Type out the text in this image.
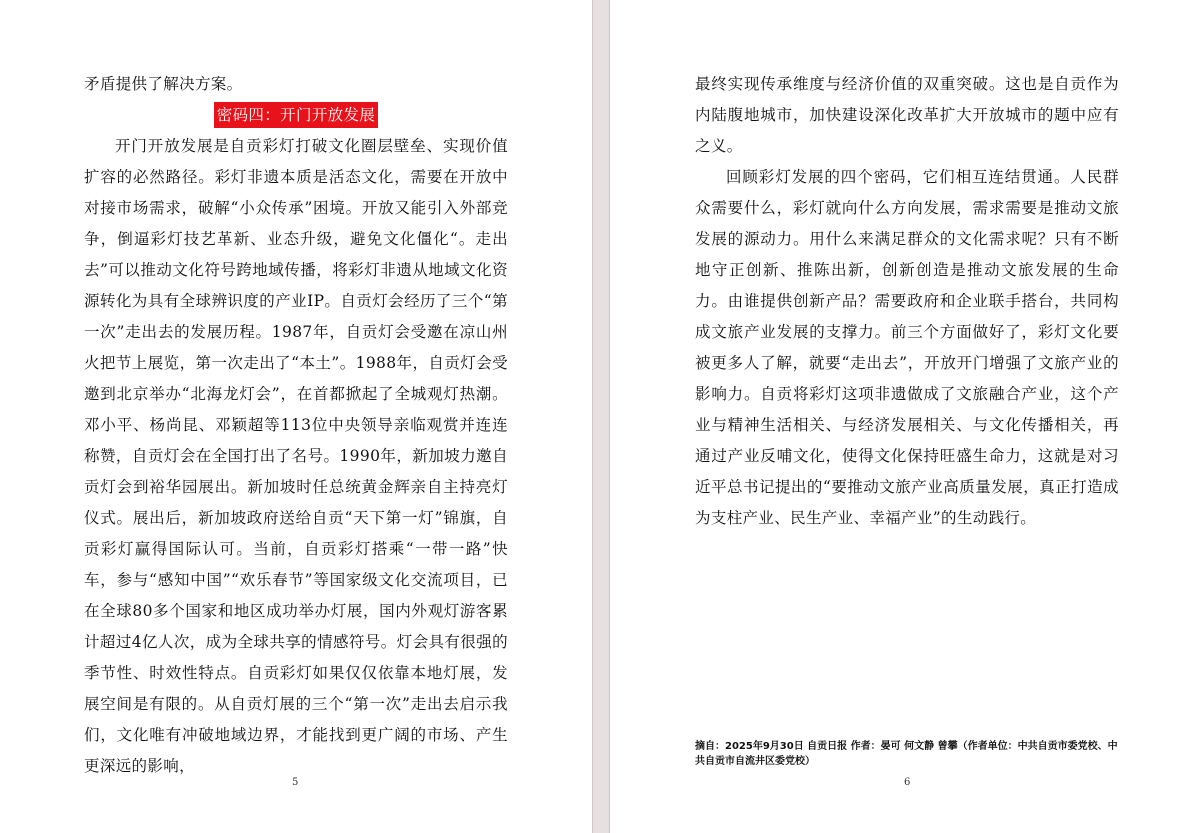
矛盾提供了解决方案。

密码四：开门开放发展

开门开放发展是自贡彩灯打破文化圈层壁垒、实现价值扩容的必然路径。彩灯非遗本质是活态文化，需要在开放中对接市场需求，破解“小众传承”困境。开放又能引入外部竞争，倒逼彩灯技艺革新、业态升级，避免文化僵化“。走出去”可以推动文化符号跨地域传播，将彩灯非遗从地域文化资源转化为具有全球辨识度的产业IP。自贡灯会经历了三个“第一次”走出去的发展历程。1987年，自贡灯会受邀在凉山州火把节上展览，第一次走出了“本土”。1988年，自贡灯会受邀到北京举办“北海龙灯会”，在首都掀起了全城观灯热潮。邓小平、杨尚昆、邓颖超等113位中央领导亲临观赏并连连称赞，自贡灯会在全国打出了名号。1990年，新加坡力邀自贡灯会到裕华园展出。新加坡时任总统黄金辉亲自主持亮灯仪式。展出后，新加坡政府送给自贡“天下第一灯”锦旗，自贡彩灯赢得国际认可。当前，自贡彩灯搭乘“一带一路”快车，参与“感知中国”“欢乐春节”等国家级文化交流项目，已在全球80多个国家和地区成功举办灯展，国内外观灯游客累计超过4亿人次，成为全球共享的情感符号。灯会具有很强的季节性、时效性特点。自贡彩灯如果仅仅依靠本地灯展，发展空间是有限的。从自贡灯展的三个“第一次”走出去启示我们，文化唯有冲破地域边界，才能找到更广阔的市场、产生更深远的影响，

5

最终实现传承维度与经济价值的双重突破。这也是自贡作为内陆腹地城市，加快建设深化改革扩大开放城市的题中应有之义。

回顾彩灯发展的四个密码，它们相互连结贯通。人民群众需要什么，彩灯就向什么方向发展，需求需要是推动文旅发展的源动力。用什么来满足群众的文化需求呢？只有不断地守正创新、推陈出新，创新创造是推动文旅发展的生命力。由谁提供创新产品？需要政府和企业联手搭台，共同构成文旅产业发展的支撑力。前三个方面做好了，彩灯文化要被更多人了解，就要“走出去”，开放开门增强了文旅产业的影响力。自贡将彩灯这项非遗做成了文旅融合产业，这个产业与精神生活相关、与经济发展相关、与文化传播相关，再通过产业反哺文化，使得文化保持旺盛生命力，这就是对习近平总书记提出的“要推动文旅产业高质量发展，真正打造成为支柱产业、民生产业、幸福产业”的生动践行。

摘自：2025年9月30日 自贡日报 作者：晏可 何文静 曾攀（作者单位：中共自贡市委党校、中共自贡市自流井区委党校）
6
